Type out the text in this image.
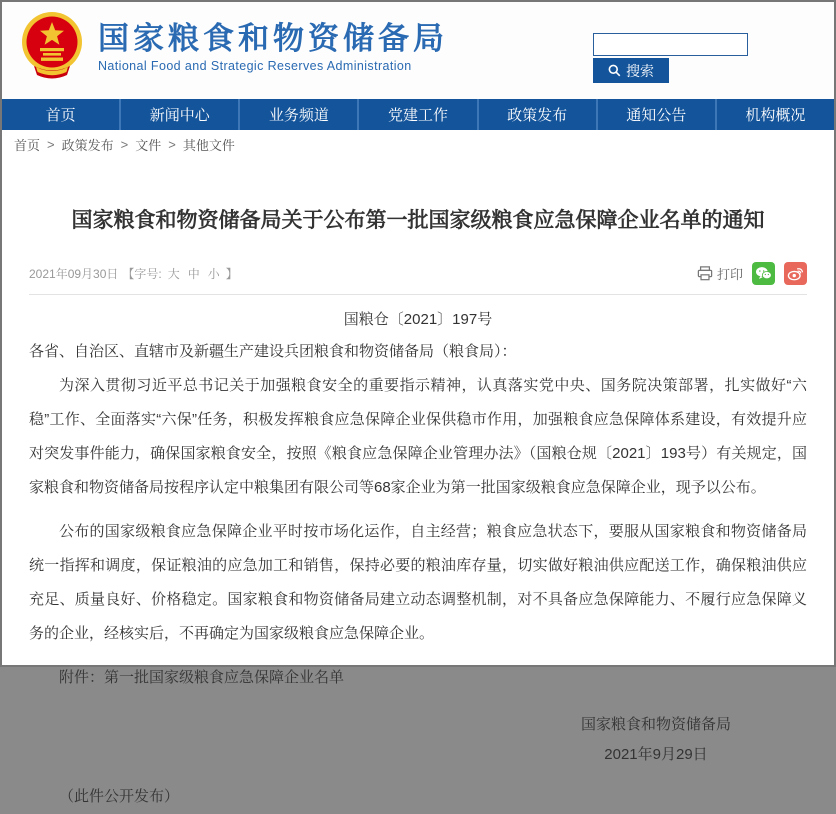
国家粮食和物资储备局
National Food and Strategic Reserves Administration	搜索
首页	新闻中心	业务频道	党建工作	政策发布	通知公告	机构概况
首页 > 政策发布 > 文件 > 其他文件
国家粮食和物资储备局关于公布第一批国家级粮食应急保障企业名单的通知
2021年09月30日 【字号: 大 中 小 】	打印
国粮仓〔2021〕197号

各省、自治区、直辖市及新疆生产建设兵团粮食和物资储备局（粮食局）：

为深入贯彻习近平总书记关于加强粮食安全的重要指示精神，认真落实党中央、国务院决策部署，扎实做好“六稳”工作、全面落实“六保”任务，积极发挥粮食应急保障企业保供稳市作用，加强粮食应急保障体系建设，有效提升应对突发事件能力，确保国家粮食安全，按照《粮食应急保障企业管理办法》（国粮仓规〔2021〕193号）有关规定，国家粮食和物资储备局按程序认定中粮集团有限公司等68家企业为第一批国家级粮食应急保障企业，现予以公布。

公布的国家级粮食应急保障企业平时按市场化运作，自主经营；粮食应急状态下，要服从国家粮食和物资储备局统一指挥和调度，保证粮油的应急加工和销售，保持必要的粮油库存量，切实做好粮油供应配送工作，确保粮油供应充足、质量良好、价格稳定。国家粮食和物资储备局建立动态调整机制，对不具备应急保障能力、不履行应急保障义务的企业，经核实后，不再确定为国家级粮食应急保障企业。

附件：第一批国家级粮食应急保障企业名单

国家粮食和物资储备局
2021年9月29日

（此件公开发布）
